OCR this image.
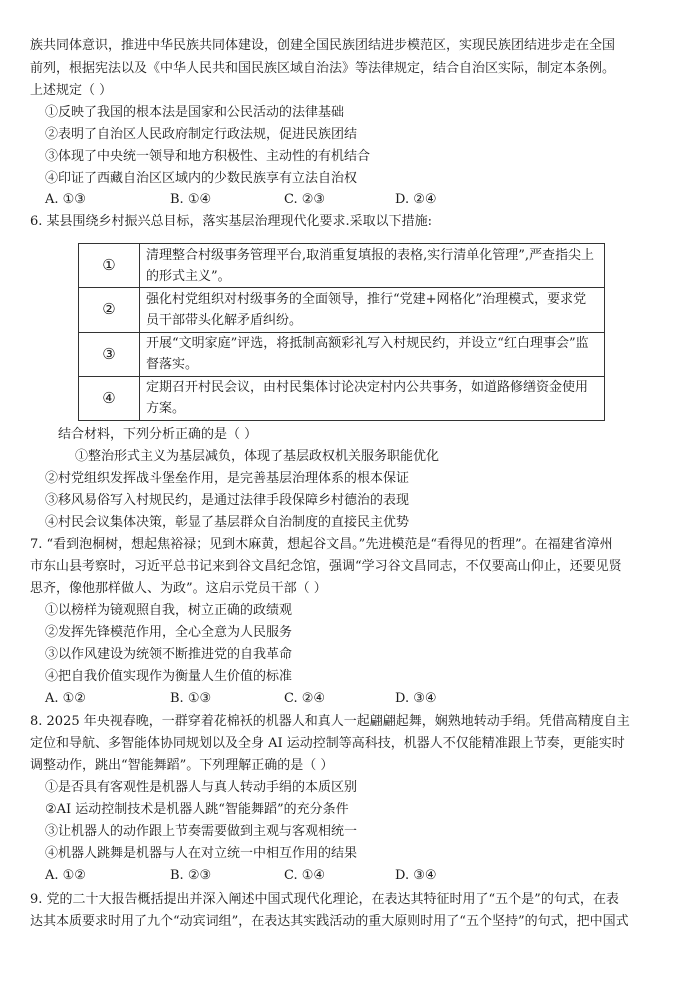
族共同体意识，推进中华民族共同体建设，创建全国民族团结进步模范区，实现民族团结进步走在全国
前列，根据宪法以及《中华人民共和国民族区域自治法》等法律规定，结合自治区实际，制定本条例。
上述规定（ ）
①反映了我国的根本法是国家和公民活动的法律基础
②表明了自治区人民政府制定行政法规，促进民族团结
③体现了中央统一领导和地方积极性、主动性的有机结合
④印证了西藏自治区区域内的少数民族享有立法自治权
A. ①③	B. ①④	C. ②③	D. ②④
6. 某县围绕乡村振兴总目标，落实基层治理现代化要求.采取以下措施:
①	清理整合村级事务管理平台,取消重复填报的表格,实行清单化管理”,严查指尖上的形式主义”。
②	强化村党组织对村级事务的全面领导，推行“党建+网格化”治理模式，要求党员干部带头化解矛盾纠纷。
③	开展“文明家庭”评选，将抵制高额彩礼写入村规民约，并设立“红白理事会”监督落实。
④	定期召开村民会议，由村民集体讨论决定村内公共事务，如道路修缮资金使用方案。
结合材料，下列分析正确的是（ ）
①整治形式主义为基层减负，体现了基层政权机关服务职能优化
②村党组织发挥战斗堡垒作用，是完善基层治理体系的根本保证
③移风易俗写入村规民约，是通过法律手段保障乡村德治的表现
④村民会议集体决策，彰显了基层群众自治制度的直接民主优势
7. “看到泡桐树，想起焦裕禄；见到木麻黄，想起谷文昌。”先进模范是“看得见的哲理”。在福建省漳州
市东山县考察时，习近平总书记来到谷文昌纪念馆，强调“学习谷文昌同志，不仅要高山仰止，还要见贤
思齐，像他那样做人、为政”。这启示党员干部（ ）
①以榜样为镜观照自我，树立正确的政绩观
②发挥先锋模范作用，全心全意为人民服务
③以作风建设为统领不断推进党的自我革命
④把自我价值实现作为衡量人生价值的标准
A. ①②	B. ①③	C. ②④	D. ③④
8. 2025 年央视春晚，一群穿着花棉袄的机器人和真人一起翩翩起舞，娴熟地转动手绢。凭借高精度自主
定位和导航、多智能体协同规划以及全身 AI 运动控制等高科技，机器人不仅能精准跟上节奏，更能实时
调整动作，跳出“智能舞蹈”。下列理解正确的是（ ）
①是否具有客观性是机器人与真人转动手绢的本质区别
②AI 运动控制技术是机器人跳“智能舞蹈”的充分条件
③让机器人的动作跟上节奏需要做到主观与客观相统一
④机器人跳舞是机器与人在对立统一中相互作用的结果
A. ①②	B. ②③	C. ①④	D. ③④
9. 党的二十大报告概括提出并深入阐述中国式现代化理论，在表达其特征时用了“五个是”的句式，在表
达其本质要求时用了九个“动宾词组”，在表达其实践活动的重大原则时用了“五个坚持”的句式，把中国式
